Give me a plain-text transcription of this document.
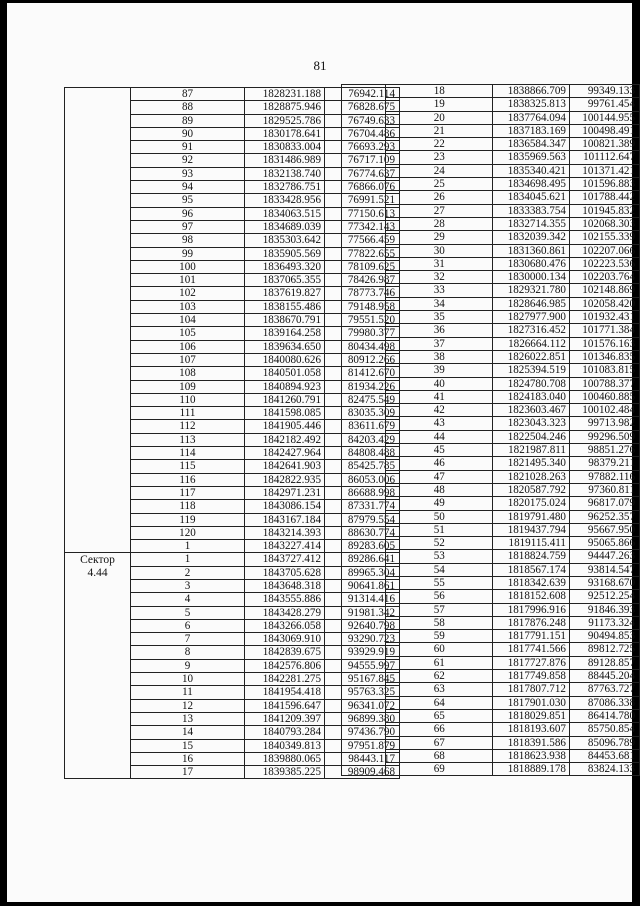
81
	87	1828231.188	76942.114
	88	1828875.946	76828.675
	89	1829525.786	76749.633
	90	1830178.641	76704.486
	91	1830833.004	76693.293
	92	1831486.989	76717.109
	93	1832138.740	76774.637
	94	1832786.751	76866.076
	95	1833428.956	76991.521
	96	1834063.515	77150.613
	97	1834689.039	77342.143
	98	1835303.642	77566.459
	99	1835905.569	77822.655
	100	1836493.320	78109.625
	101	1837065.355	78426.987
	102	1837619.827	78773.746
	103	1838155.486	79148.958
	104	1838670.791	79551.520
	105	1839164.258	79980.377
	106	1839634.650	80434.498
	107	1840080.626	80912.266
	108	1840501.058	81412.670
	109	1840894.923	81934.226
	110	1841260.791	82475.549
	111	1841598.085	83035.309
	112	1841905.446	83611.679
	113	1842182.492	84203.429
	114	1842427.964	84808.488
	115	1842641.903	85425.785
	116	1842822.935	86053.006
	117	1842971.231	86688.998
	118	1843086.154	87331.774
	119	1843167.184	87979.554
	120	1843214.393	88630.774
	1	1843227.414	89283.605

Сектор
4.44	1	1843727.412	89286.641
	2	1843705.628	89965.304
	3	1843648.318	90641.861
	4	1843555.886	91314.416
	5	1843428.279	91981.342
	6	1843266.058	92640.798
	7	1843069.910	93290.723
	8	1842839.675	93929.919
	9	1842576.806	94555.997
	10	1842281.275	95167.845
	11	1841954.418	95763.325
	12	1841596.647	96341.072
	13	1841209.397	96899.380
	14	1840793.284	97436.790
	15	1840349.813	97951.879
	16	1839880.065	98443.117
	17	1839385.225	98909.468
	18	1838866.709	99349.133
	19	1838325.813	99761.454
	20	1837764.094	100144.955
	21	1837183.169	100498.491
	22	1836584.347	100821.389
	23	1835969.563	101112.647
	24	1835340.421	101371.421
	25	1834698.495	101596.883
	26	1834045.621	101788.442
	27	1833383.754	101945.832
	28	1832714.355	102068.303
	29	1832039.342	102155.339
	30	1831360.861	102207.066
	31	1830680.476	102223.536
	32	1830000.134	102203.764
	33	1829321.780	102148.869
	34	1828646.985	102058.420
	35	1827977.900	101932.431
	36	1827316.452	101771.384
	37	1826664.112	101576.163
	38	1826022.851	101346.835
	39	1825394.519	101083.815
	40	1824780.708	100788.377
	41	1824183.040	100460.885
	42	1823603.467	100102.484
	43	1823043.323	99713.982
	44	1822504.246	99296.509
	45	1821987.811	98851.276
	46	1821495.340	98379.211
	47	1821028.263	97882.116
	48	1820587.792	97360.811
	49	1820175.024	96817.079
	50	1819791.480	96252.357
	51	1819437.794	95667.950
	52	1819115.411	95065.866
	53	1818824.759	94447.263
	54	1818567.174	93814.547
	55	1818342.639	93168.670
	56	1818152.608	92512.254
	57	1817996.916	91846.393
	58	1817876.248	91173.324
	59	1817791.151	90494.853
	60	1817741.566	89812.725
	61	1817727.876	89128.857
	62	1817749.858	88445.204
	63	1817807.712	87763.727
	64	1817901.030	87086.338
	65	1818029.851	86414.780
	66	1818193.607	85750.854
	67	1818391.586	85096.789
	68	1818623.938	84453.681
	69	1818889.178	83824.133
